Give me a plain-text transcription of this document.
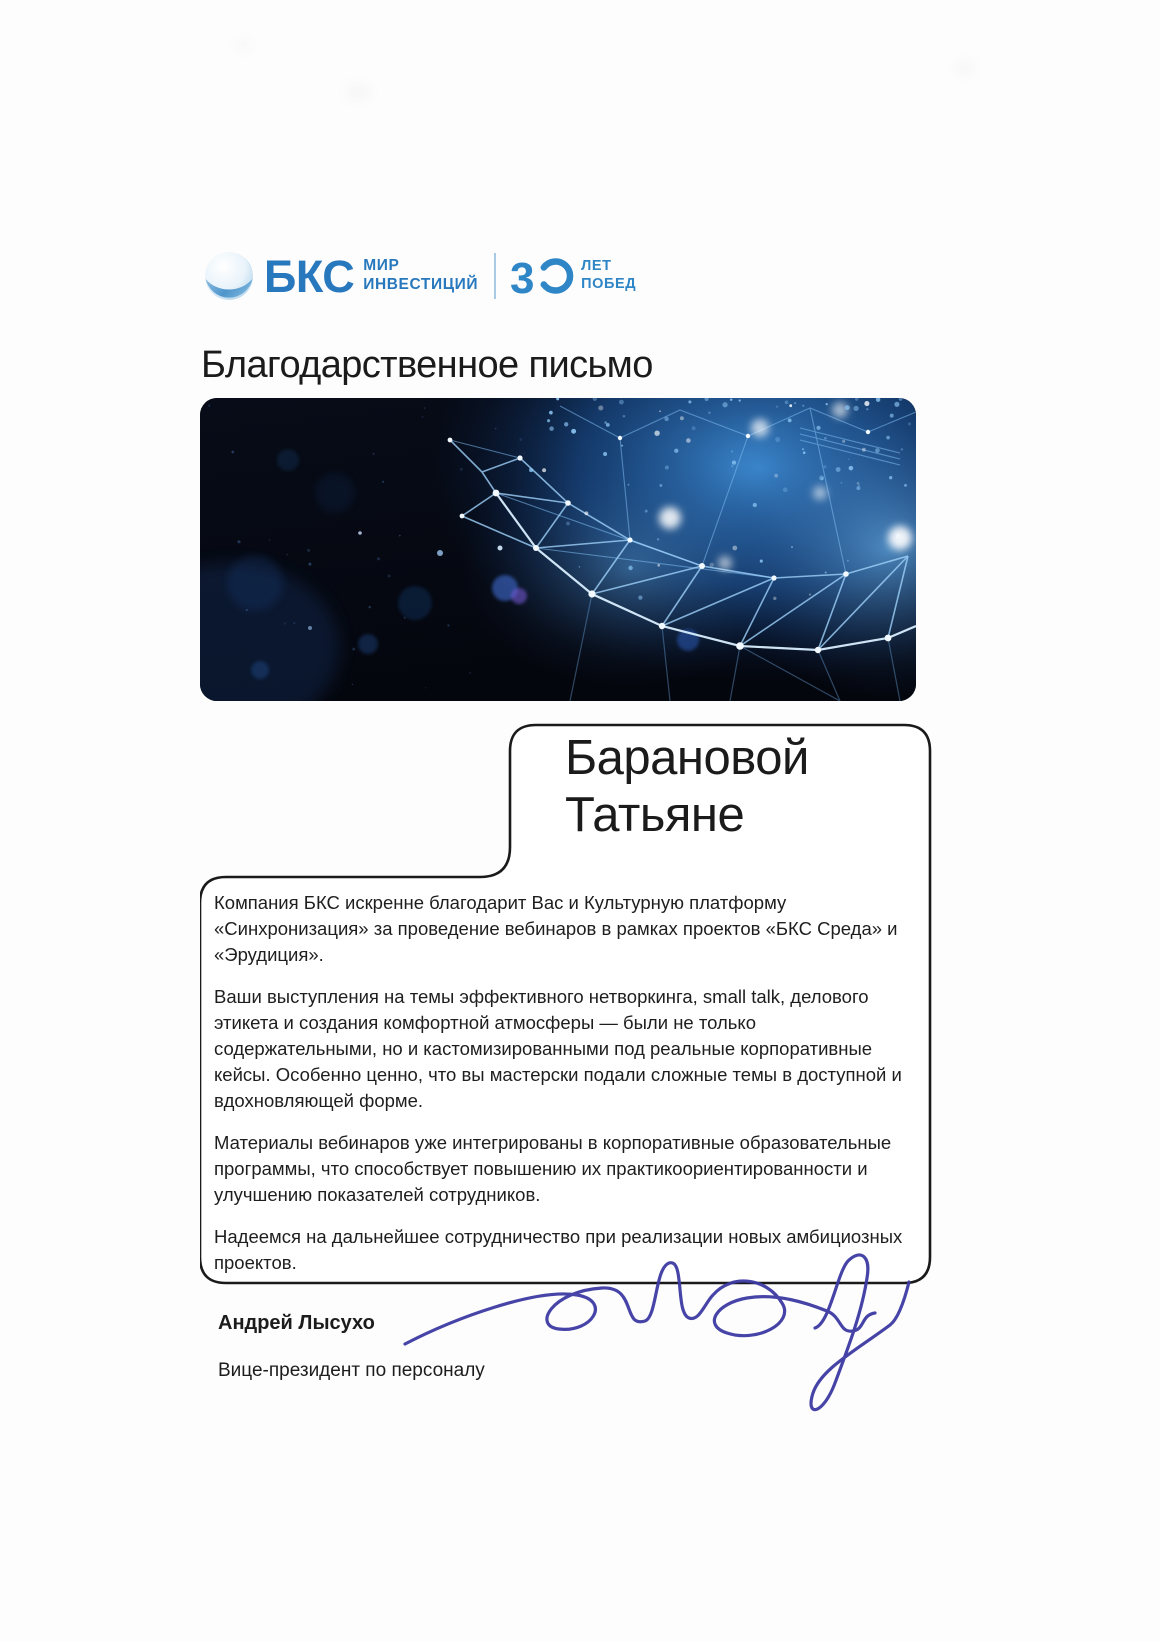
БКС МИР
ИНВЕСТИЦИЙ 3	ЛЕТ
ПОБЕД
Благодарственное письмо
Барановой
Татьяне

Компания БКС искренне благодарит Вас и Культурную платформу «Синхронизация» за проведение вебинаров в рамках проектов «БКС Среда» и «Эрудиция».

Ваши выступления на темы эффективного нетворкинга, small talk, делового этикета и создания комфортной атмосферы — были не только содержательными, но и кастомизированными под реальные корпоративные кейсы. Особенно ценно, что вы мастерски подали сложные темы в доступной и вдохновляющей форме.

Материалы вебинаров уже интегрированы в корпоративные образовательные программы, что способствует повышению их практикоориентированности и улучшению показателей сотрудников.

Надеемся на дальнейшее сотрудничество при реализации новых амбициозных проектов.

Андрей Лысухо
Вице-президент по персоналу
